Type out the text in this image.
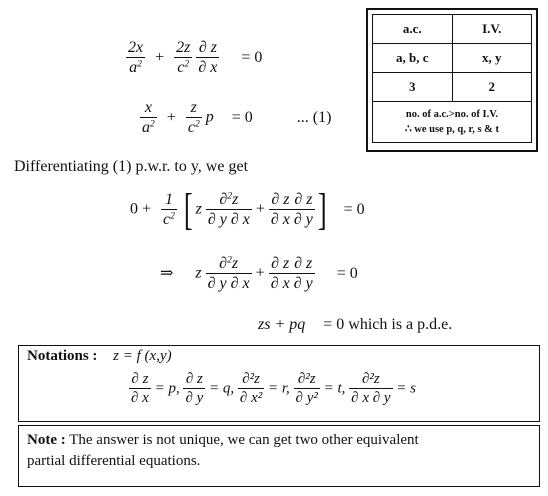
$\frac{2x}{a^2} + \frac{2z}{c^2}$
$\frac{\partial z}{\partial x} = 0$
$\frac{x}{a^2} + \frac{z}{c^2}$ p = 0	... (1)
a.c.	I.V.
a, b, c	x, y
3	2

no. of a.c.>no. of I.V.
∴ we use p, q, r, s & t	
Differentiating (1) p.w.r. to y, we get
$0 + \frac{1}{c^2}$ [ z $\frac{\partial^2z}{\partial y \partial x} + \frac{\partial z}{\partial x} \frac{\partial z}{\partial y}$ ] = 0
⇒ z $\frac{\partial^2z}{\partial y \partial x} + \frac{\partial z}{\partial x} \frac{\partial z}{\partial y} = 0$
zs + pq = 0 which is a p.d.e.
Notations : z = f (x,y)
$\frac{\partial z}{\partial x} = p$, $\frac{\partial z}{\partial y} = q$, $\frac{\text{∂²z}}{\text{∂ x²}} = r$, $\frac{\text{∂²z}}{\text{∂ y²}} = t$, $\frac{\text{∂²z}}{\partial x \partial y} = s$
Note : The answer is not unique, we can get two other equivalent
partial differential equations.
